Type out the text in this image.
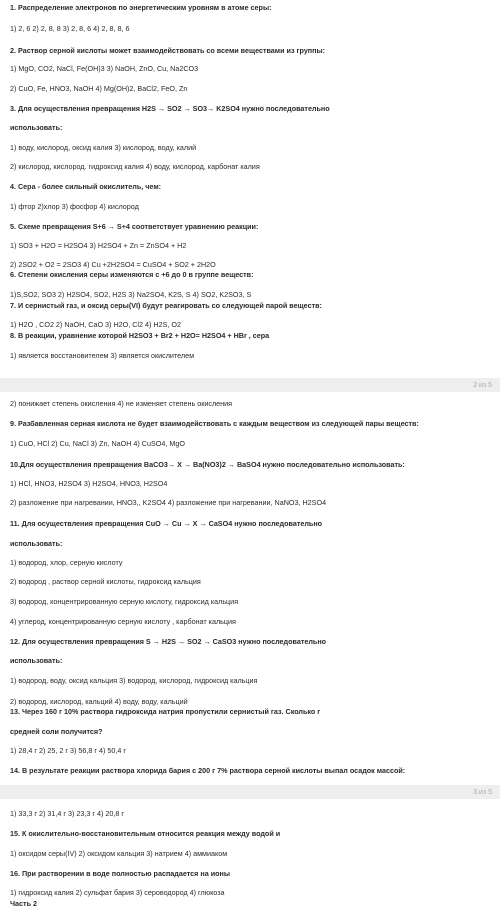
1. Распределение электронов по энергетическим уровням в атоме серы:
1) 2, 6 2) 2, 8, 8 3) 2, 8, 6 4) 2, 8, 8, 6
2. Раствор серной кислоты может взаимодействовать со всеми веществами из группы:
1) MgO, CO2, NaCl, Fe(OH)3 3) NaOH, ZnO, Cu, Na2CO3
2) CuO, Fe, HNO3, NaOH 4) Mg(OH)2, BaCl2, FeO, Zn
3. Для осуществления превращения H2S → SO2 → SO3→ K2SO4 нужно последовательно
использовать:
1) воду, кислород, оксид калия 3) кислород, воду, калий
2) кислород, кислород. гидроксид калия 4) воду, кислород, карбонат калия
4. Сера - более сильный окислитель, чем:
1) фтор 2)хлор 3) фосфор 4) кислород
5. Схеме превращения S+6 → S+4 соответствует уравнению реакции:
1) SO3 + H2O = H2SO4 3) H2SO4 + Zn = ZnSO4 + H2
2) 2SO2 + O2 = 2SO3 4) Cu +2H2SO4 = CuSO4 + SO2 + 2H2O
6. Степени окисления серы изменяются с +6 до 0 в группе веществ:
1)S,SO2, SO3 2) H2SO4, SO2, H2S 3) Na2SO4, K2S, S 4) SO2, K2SO3, S
7. И сернистый газ, и оксид серы(VI) будут реагировать со следующей парой веществ:
1) H2O , CO2 2) NaOH, CaO 3) H2O, Cl2 4) H2S, O2
8. В реакции, уравнение которой H2SO3 + Br2 + H2O= H2SO4 + HBr , сера
1) является восстановителем 3) является окислителем
2 из 5
2) понижает степень окисления 4) не изменяет степень окисления
9. Разбавленная серная кислота не будет взаимодействовать с каждым веществом из следующей пары веществ:
1) CuO, HCl 2) Cu, NaCl 3) Zn, NaOH 4) CuSO4, MgO
10.Для осуществления превращения BaCO3→ X → Ba(NO3)2 → BaSO4 нужно последовательно использовать:
1) HCl, HNO3, H2SO4 3) H2SO4, HNO3, H2SO4
2) разложение при нагревании, HNO3,, K2SO4 4) разложение при нагревании, NaNO3, H2SO4
11. Для осуществления превращения CuO → Cu → X → CaSO4 нужно последовательно
использовать:
1) водород, хлор, серную кислоту
2) водород , раствор серной кислоты, гидроксид кальция
3) водород, концентрированную серную кислоту, гидроксид кальция
4) углерод, концентрированную серную кислоту , карбонат кальция
12. Для осуществления превращения S → H2S → SO2 → CaSO3 нужно последовательно
использовать:
1) водород, воду, оксид кальция 3) водород, кислород, гидроксид кальция
2) водород, кислород, кальций 4) воду, воду, кальций
13. Через 160 г 10% раствора гидроксида натрия пропустили сернистый газ. Сколько г
средней соли получится?
1) 28,4 г 2) 25, 2 г 3) 56,8 г 4) 50,4 г
14. В результате реакции раствора хлорида бария с 200 г 7% раствора серной кислоты выпал осадок массой:
3 из 5
1) 33,3 г 2) 31,4 г 3) 23,3 г 4) 20,8 г
15. К окислительно-восстановительным относится реакция между водой и
1) оксидом серы(IV) 2) оксидом кальция 3) натрием 4) аммиаком
16. При растворении в воде полностью распадается на ионы
1) гидроксид калия 2) сульфат бария 3) сероводород 4) глюкоза
Часть 2
